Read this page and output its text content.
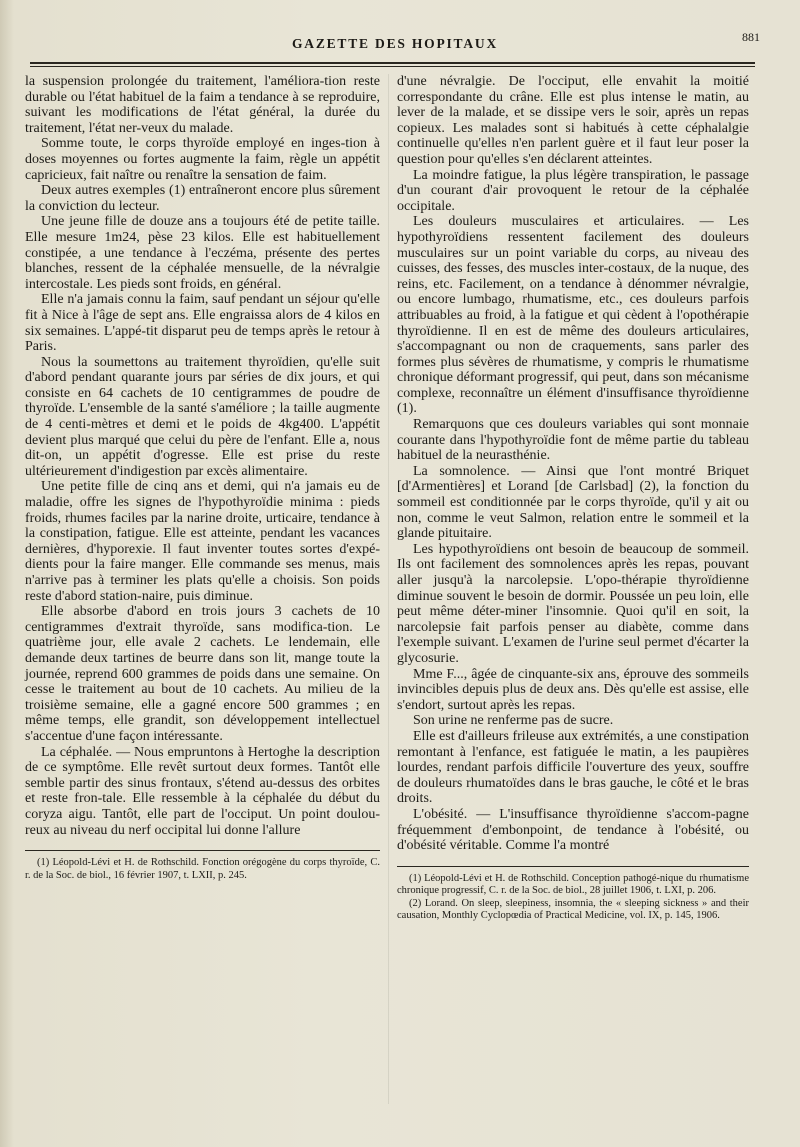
GAZETTE DES HOPITAUX	881

la suspension prolongée du traitement, l'améliora-tion reste durable ou l'état habituel de la faim a tendance à se reproduire, suivant les modifications de l'état général, la durée du traitement, l'état ner-veux du malade.

Somme toute, le corps thyroïde employé en inges-tion à doses moyennes ou fortes augmente la faim, règle un appétit capricieux, fait naître ou renaître la sensation de faim.

Deux autres exemples (1) entraîneront encore plus sûrement la conviction du lecteur.

Une jeune fille de douze ans a toujours été de petite taille. Elle mesure 1m24, pèse 23 kilos. Elle est habituellement constipée, a une tendance à l'eczéma, présente des pertes blanches, ressent de la céphalée mensuelle, de la névralgie intercostale. Les pieds sont froids, en général.

Elle n'a jamais connu la faim, sauf pendant un séjour qu'elle fit à Nice à l'âge de sept ans. Elle engraissa alors de 4 kilos en six semaines. L'appé-tit disparut peu de temps après le retour à Paris.

Nous la soumettons au traitement thyroïdien, qu'elle suit d'abord pendant quarante jours par séries de dix jours, et qui consiste en 64 cachets de 10 centigrammes de poudre de thyroïde. L'ensemble de la santé s'améliore ; la taille augmente de 4 centi-mètres et demi et le poids de 4kg400. L'appétit devient plus marqué que celui du père de l'enfant. Elle a, nous dit-on, un appétit d'ogresse. Elle est prise du reste ultérieurement d'indigestion par excès alimentaire.

Une petite fille de cinq ans et demi, qui n'a jamais eu de maladie, offre les signes de l'hypothyroïdie minima : pieds froids, rhumes faciles par la narine droite, urticaire, tendance à la constipation, fatigue. Elle est atteinte, pendant les vacances dernières, d'hyporexie. Il faut inventer toutes sortes d'expé-dients pour la faire manger. Elle commande ses menus, mais n'arrive pas à terminer les plats qu'elle a choisis. Son poids reste d'abord station-naire, puis diminue.

Elle absorbe d'abord en trois jours 3 cachets de 10 centigrammes d'extrait thyroïde, sans modifica-tion. Le quatrième jour, elle avale 2 cachets. Le lendemain, elle demande deux tartines de beurre dans son lit, mange toute la journée, reprend 600 grammes de poids dans une semaine. On cesse le traitement au bout de 10 cachets. Au milieu de la troisième semaine, elle a gagné encore 500 grammes ; en même temps, elle grandit, son développement intellectuel s'accentue d'une façon intéressante.

La céphalée. — Nous empruntons à Hertoghe la description de ce symptôme. Elle revêt surtout deux formes. Tantôt elle semble partir des sinus frontaux, s'étend au-dessus des orbites et reste fron-tale. Elle ressemble à la céphalée du début du coryza aigu. Tantôt, elle part de l'occiput. Un point doulou-reux au niveau du nerf occipital lui donne l'allure

(1) Léopold-Lévi et H. de Rothschild. Fonction orégogène du corps thyroïde, C. r. de la Soc. de biol., 16 février 1907, t. LXII, p. 245.

d'une névralgie. De l'occiput, elle envahit la moitié correspondante du crâne. Elle est plus intense le matin, au lever de la malade, et se dissipe vers le soir, après un repas copieux. Les malades sont si habitués à cette céphalalgie continuelle qu'elles n'en parlent guère et il faut leur poser la question pour qu'elles s'en déclarent atteintes.

La moindre fatigue, la plus légère transpiration, le passage d'un courant d'air provoquent le retour de la céphalée occipitale.

Les douleurs musculaires et articulaires. — Les hypothyroïdiens ressentent facilement des douleurs musculaires sur un point variable du corps, au niveau des cuisses, des fesses, des muscles inter-costaux, de la nuque, des reins, etc. Facilement, on a tendance à dénommer névralgie, ou encore lumbago, rhumatisme, etc., ces douleurs parfois attribuables au froid, à la fatigue et qui cèdent à l'opothérapie thyroïdienne. Il en est de même des douleurs articulaires, s'accompagnant ou non de craquements, sans parler des formes plus sévères de rhumatisme, y compris le rhumatisme chronique déformant progressif, qui peut, dans son mécanisme complexe, reconnaître un élément d'insuffisance thyroïdienne (1).

Remarquons que ces douleurs variables qui sont monnaie courante dans l'hypothyroïdie font de même partie du tableau habituel de la neurasthénie.

La somnolence. — Ainsi que l'ont montré Briquet [d'Armentières] et Lorand [de Carlsbad] (2), la fonction du sommeil est conditionnée par le corps thyroïde, qu'il y ait ou non, comme le veut Salmon, relation entre le sommeil et la glande pituitaire.

Les hypothyroïdiens ont besoin de beaucoup de sommeil. Ils ont facilement des somnolences après les repas, pouvant aller jusqu'à la narcolepsie. L'opo-thérapie thyroïdienne diminue souvent le besoin de dormir. Poussée un peu loin, elle peut même déter-miner l'insomnie. Quoi qu'il en soit, la narcolepsie fait parfois penser au diabète, comme dans l'exemple suivant. L'examen de l'urine seul permet d'écarter la glycosurie.

Mme F..., âgée de cinquante-six ans, éprouve des sommeils invincibles depuis plus de deux ans. Dès qu'elle est assise, elle s'endort, surtout après les repas.

Son urine ne renferme pas de sucre.

Elle est d'ailleurs frileuse aux extrémités, a une constipation remontant à l'enfance, est fatiguée le matin, a les paupières lourdes, rendant parfois difficile l'ouverture des yeux, souffre de douleurs rhumatoïdes dans le bras gauche, le côté et le bras droits.

L'obésité. — L'insuffisance thyroïdienne s'accom-pagne fréquemment d'embonpoint, de tendance à l'obésité, ou d'obésité véritable. Comme l'a montré

(1) Léopold-Lévi et H. de Rothschild. Conception pathogé-nique du rhumatisme chronique progressif, C. r. de la Soc. de biol., 28 juillet 1906, t. LXI, p. 206.

(2) Lorand. On sleep, sleepiness, insomnia, the « sleeping sickness » and their causation, Monthly Cyclopœdia of Practical Medicine, vol. IX, p. 145, 1906.
